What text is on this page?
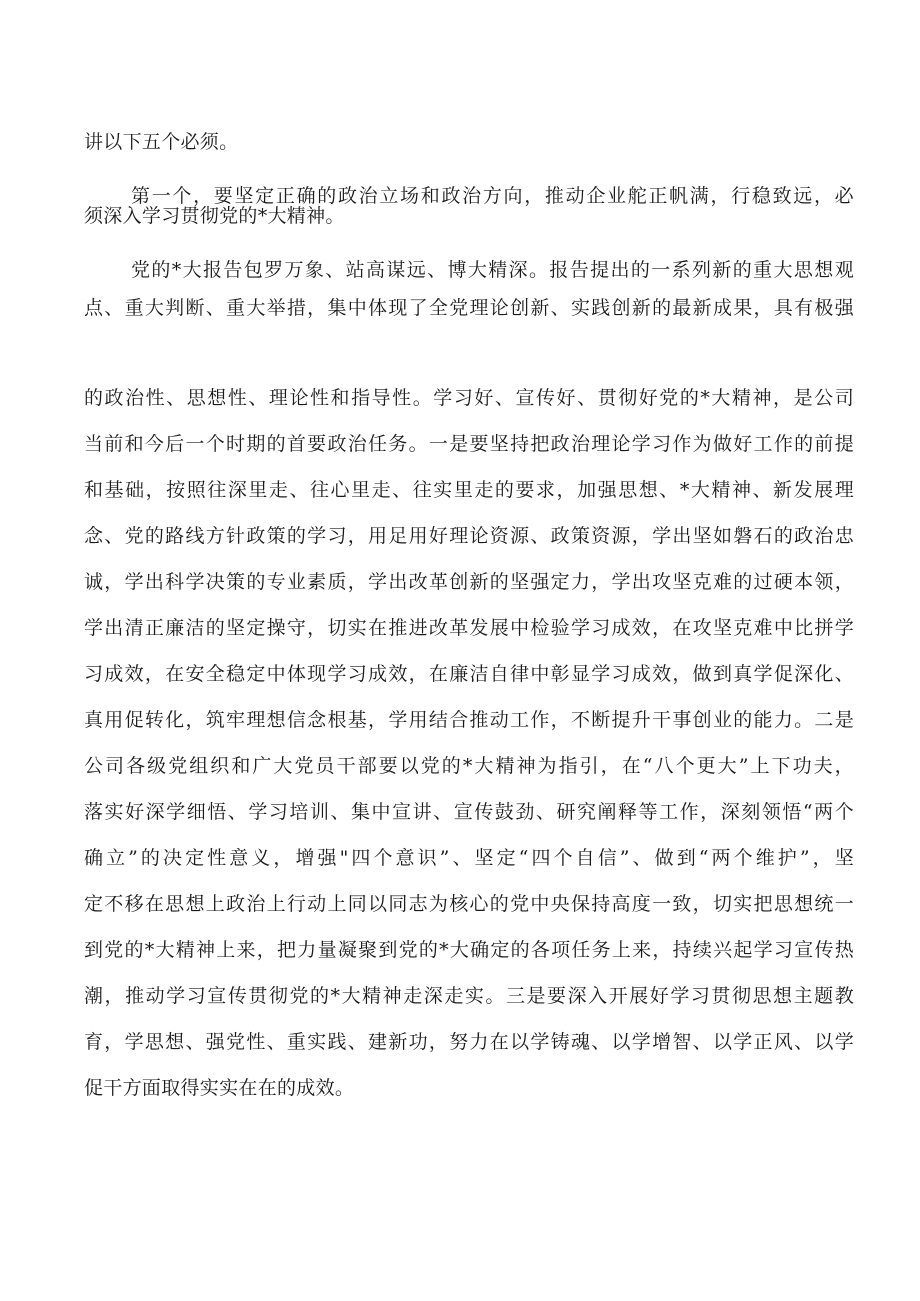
讲以下五个必须。
第一个，要坚定正确的政治立场和政治方向，推动企业舵正帆满，行稳致远，必
须深入学习贯彻党的*大精神。
党的*大报告包罗万象、站高谋远、博大精深。报告提出的一系列新的重大思想观
点、重大判断、重大举措，集中体现了全党理论创新、实践创新的最新成果，具有极强
的政治性、思想性、理论性和指导性。学习好、宣传好、贯彻好党的*大精神，是公司
当前和今后一个时期的首要政治任务。一是要坚持把政治理论学习作为做好工作的前提
和基础，按照往深里走、往心里走、往实里走的要求，加强思想、*大精神、新发展理
念、党的路线方针政策的学习，用足用好理论资源、政策资源，学出坚如磐石的政治忠
诚，学出科学决策的专业素质，学出改革创新的坚强定力，学出攻坚克难的过硬本领，
学出清正廉洁的坚定操守，切实在推进改革发展中检验学习成效，在攻坚克难中比拼学
习成效，在安全稳定中体现学习成效，在廉洁自律中彰显学习成效，做到真学促深化、
真用促转化，筑牢理想信念根基，学用结合推动工作，不断提升干事创业的能力。二是
公司各级党组织和广大党员干部要以党的*大精神为指引，在“八个更大”上下功夫，
落实好深学细悟、学习培训、集中宣讲、宣传鼓劲、研究阐释等工作，深刻领悟“两个
确立”的决定性意义，增强"四个意识”、坚定“四个自信”、做到“两个维护”，坚
定不移在思想上政治上行动上同以同志为核心的党中央保持高度一致，切实把思想统一
到党的*大精神上来，把力量凝聚到党的*大确定的各项任务上来，持续兴起学习宣传热
潮，推动学习宣传贯彻党的*大精神走深走实。三是要深入开展好学习贯彻思想主题教
育，学思想、强党性、重实践、建新功，努力在以学铸魂、以学增智、以学正风、以学
促干方面取得实实在在的成效。
